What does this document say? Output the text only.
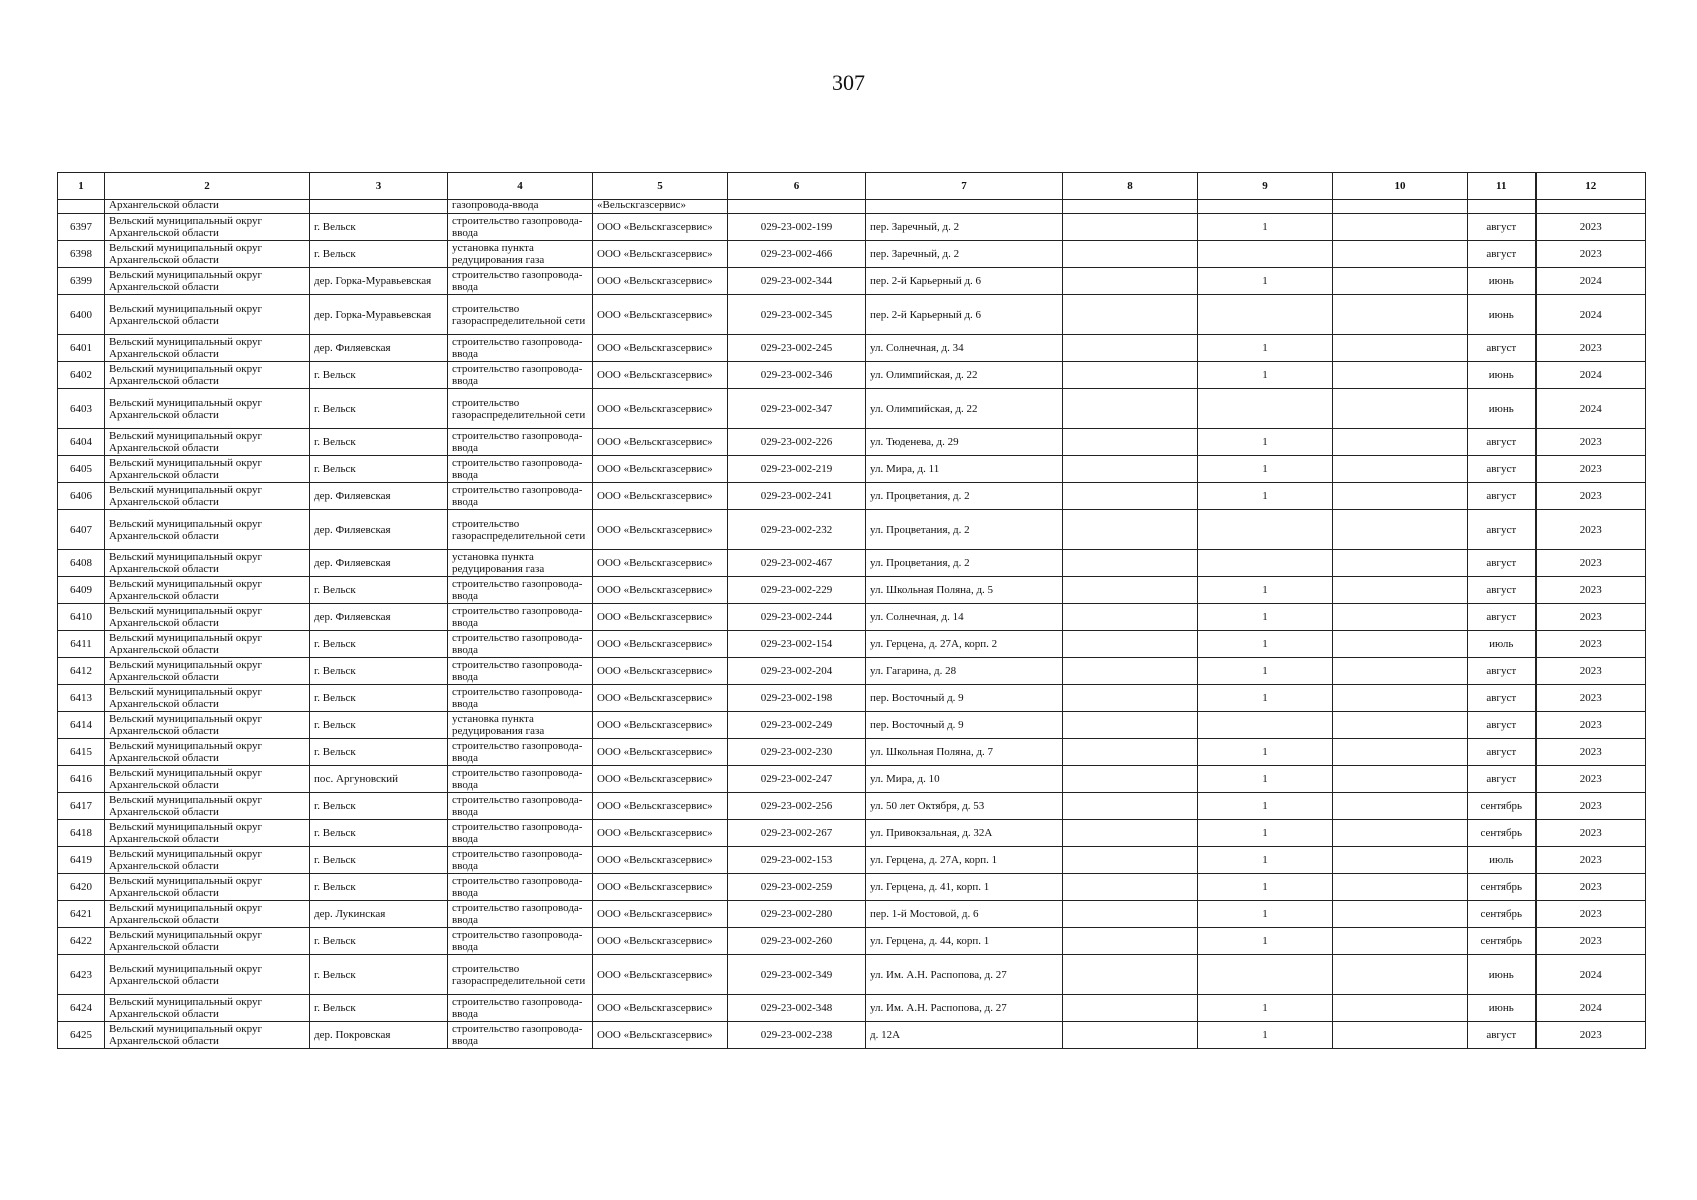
307
1	2	3	4	5	6	7	8	9	10	11	12
	Архангельской области		газопровода-ввода	«Вельскгазсервис»							
6397	Вельский муниципальный округ Архангельской области	г. Вельск	строительство газопровода-ввода	ООО «Вельскгазсервис»	029-23-002-199	пер. Заречный, д. 2		1		август	2023
6398	Вельский муниципальный округ Архангельской области	г. Вельск	установка пункта редуцирования газа	ООО «Вельскгазсервис»	029-23-002-466	пер. Заречный, д. 2				август	2023
6399	Вельский муниципальный округ Архангельской области	дер. Горка-Муравьевская	строительство газопровода-ввода	ООО «Вельскгазсервис»	029-23-002-344	пер. 2-й Карьерный д. 6		1		июнь	2024
6400	Вельский муниципальный округ Архангельской области	дер. Горка-Муравьевская	строительство газораспределительной сети	ООО «Вельскгазсервис»	029-23-002-345	пер. 2-й Карьерный д. 6				июнь	2024
6401	Вельский муниципальный округ Архангельской области	дер. Филяевская	строительство газопровода-ввода	ООО «Вельскгазсервис»	029-23-002-245	ул. Солнечная, д. 34		1		август	2023
6402	Вельский муниципальный округ Архангельской области	г. Вельск	строительство газопровода-ввода	ООО «Вельскгазсервис»	029-23-002-346	ул. Олимпийская, д. 22		1		июнь	2024
6403	Вельский муниципальный округ Архангельской области	г. Вельск	строительство газораспределительной сети	ООО «Вельскгазсервис»	029-23-002-347	ул. Олимпийская, д. 22				июнь	2024
6404	Вельский муниципальный округ Архангельской области	г. Вельск	строительство газопровода-ввода	ООО «Вельскгазсервис»	029-23-002-226	ул. Тюденева, д. 29		1		август	2023
6405	Вельский муниципальный округ Архангельской области	г. Вельск	строительство газопровода-ввода	ООО «Вельскгазсервис»	029-23-002-219	ул. Мира, д. 11		1		август	2023
6406	Вельский муниципальный округ Архангельской области	дер. Филяевская	строительство газопровода-ввода	ООО «Вельскгазсервис»	029-23-002-241	ул. Процветания, д. 2		1		август	2023
6407	Вельский муниципальный округ Архангельской области	дер. Филяевская	строительство газораспределительной сети	ООО «Вельскгазсервис»	029-23-002-232	ул. Процветания, д. 2				август	2023
6408	Вельский муниципальный округ Архангельской области	дер. Филяевская	установка пункта редуцирования газа	ООО «Вельскгазсервис»	029-23-002-467	ул. Процветания, д. 2				август	2023
6409	Вельский муниципальный округ Архангельской области	г. Вельск	строительство газопровода-ввода	ООО «Вельскгазсервис»	029-23-002-229	ул. Школьная Поляна, д. 5		1		август	2023
6410	Вельский муниципальный округ Архангельской области	дер. Филяевская	строительство газопровода-ввода	ООО «Вельскгазсервис»	029-23-002-244	ул. Солнечная, д. 14		1		август	2023
6411	Вельский муниципальный округ Архангельской области	г. Вельск	строительство газопровода-ввода	ООО «Вельскгазсервис»	029-23-002-154	ул. Герцена, д. 27А, корп. 2		1		июль	2023
6412	Вельский муниципальный округ Архангельской области	г. Вельск	строительство газопровода-ввода	ООО «Вельскгазсервис»	029-23-002-204	ул. Гагарина, д. 28		1		август	2023
6413	Вельский муниципальный округ Архангельской области	г. Вельск	строительство газопровода-ввода	ООО «Вельскгазсервис»	029-23-002-198	пер. Восточный д. 9		1		август	2023
6414	Вельский муниципальный округ Архангельской области	г. Вельск	установка пункта редуцирования газа	ООО «Вельскгазсервис»	029-23-002-249	пер. Восточный д. 9				август	2023
6415	Вельский муниципальный округ Архангельской области	г. Вельск	строительство газопровода-ввода	ООО «Вельскгазсервис»	029-23-002-230	ул. Школьная Поляна, д. 7		1		август	2023
6416	Вельский муниципальный округ Архангельской области	пос. Аргуновский	строительство газопровода-ввода	ООО «Вельскгазсервис»	029-23-002-247	ул. Мира, д. 10		1		август	2023
6417	Вельский муниципальный округ Архангельской области	г. Вельск	строительство газопровода-ввода	ООО «Вельскгазсервис»	029-23-002-256	ул. 50 лет Октября, д. 53		1		сентябрь	2023
6418	Вельский муниципальный округ Архангельской области	г. Вельск	строительство газопровода-ввода	ООО «Вельскгазсервис»	029-23-002-267	ул. Привокзальная, д. 32А		1		сентябрь	2023
6419	Вельский муниципальный округ Архангельской области	г. Вельск	строительство газопровода-ввода	ООО «Вельскгазсервис»	029-23-002-153	ул. Герцена, д. 27А, корп. 1		1		июль	2023
6420	Вельский муниципальный округ Архангельской области	г. Вельск	строительство газопровода-ввода	ООО «Вельскгазсервис»	029-23-002-259	ул. Герцена, д. 41, корп. 1		1		сентябрь	2023
6421	Вельский муниципальный округ Архангельской области	дер. Лукинская	строительство газопровода-ввода	ООО «Вельскгазсервис»	029-23-002-280	пер. 1-й Мостовой, д. 6		1		сентябрь	2023
6422	Вельский муниципальный округ Архангельской области	г. Вельск	строительство газопровода-ввода	ООО «Вельскгазсервис»	029-23-002-260	ул. Герцена, д. 44, корп. 1		1		сентябрь	2023
6423	Вельский муниципальный округ Архангельской области	г. Вельск	строительство газораспределительной сети	ООО «Вельскгазсервис»	029-23-002-349	ул. Им. А.Н. Распопова, д. 27				июнь	2024
6424	Вельский муниципальный округ Архангельской области	г. Вельск	строительство газопровода-ввода	ООО «Вельскгазсервис»	029-23-002-348	ул. Им. А.Н. Распопова, д. 27		1		июнь	2024
6425	Вельский муниципальный округ Архангельской области	дер. Покровская	строительство газопровода-ввода	ООО «Вельскгазсервис»	029-23-002-238	д. 12А		1		август	2023
